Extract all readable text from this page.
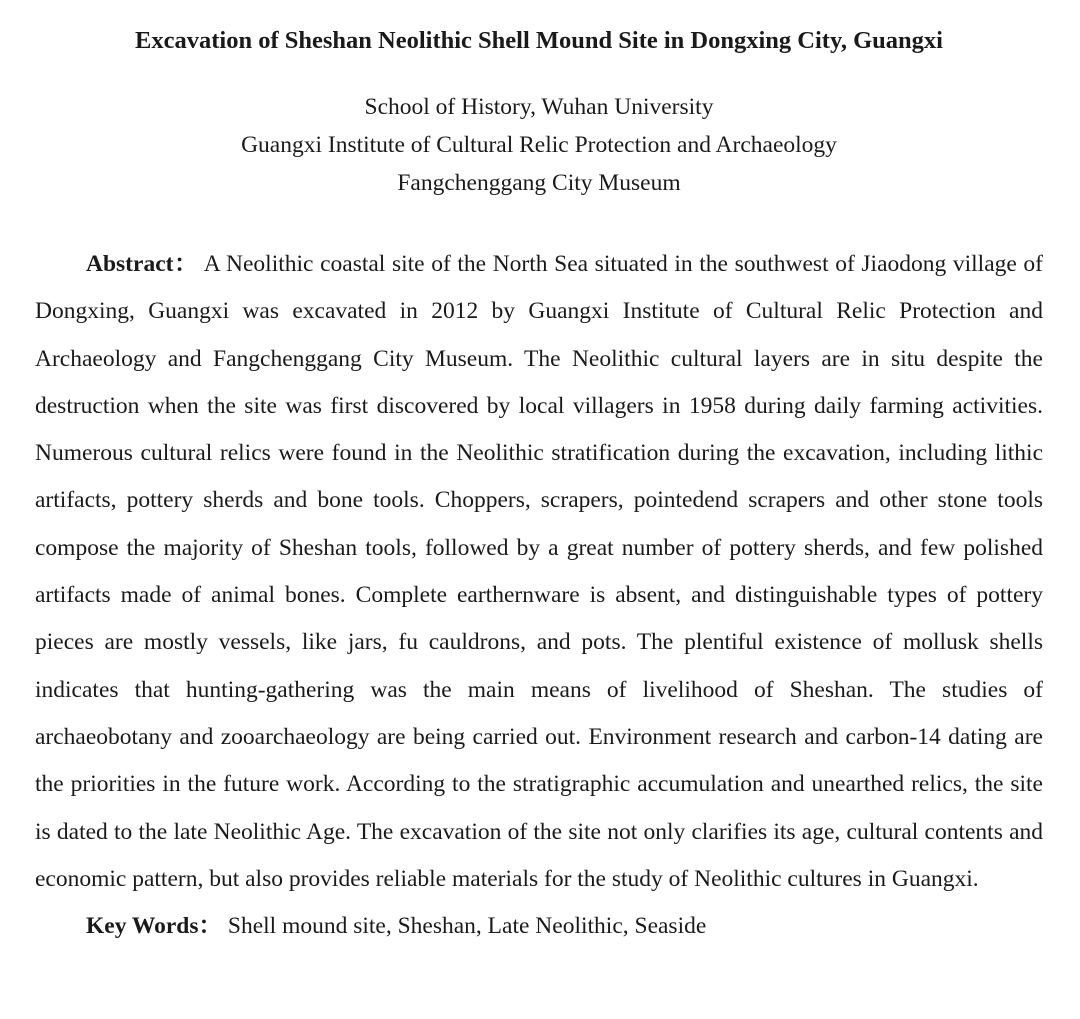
Excavation of Sheshan Neolithic Shell Mound Site in Dongxing City, Guangxi
School of History, Wuhan University
Guangxi Institute of Cultural Relic Protection and Archaeology
Fangchenggang City Museum

Abstract： A Neolithic coastal site of the North Sea situated in the southwest of Jiaodong village of Dongxing, Guangxi was excavated in 2012 by Guangxi Institute of Cultural Relic Protection and Archaeology and Fangchenggang City Museum. The Neolithic cultural layers are in situ despite the destruction when the site was first discovered by local villagers in 1958 during daily farming activities. Numerous cultural relics were found in the Neolithic stratification during the excavation, including lithic artifacts, pottery sherds and bone tools. Choppers, scrapers, pointedend scrapers and other stone tools compose the majority of Sheshan tools, followed by a great number of pottery sherds, and few polished artifacts made of animal bones. Complete earthernware is absent, and distinguishable types of pottery pieces are mostly vessels, like jars, fu cauldrons, and pots. The plentiful existence of mollusk shells indicates that hunting-gathering was the main means of livelihood of Sheshan. The studies of archaeobotany and zooarchaeology are being carried out. Environment research and carbon-14 dating are the priorities in the future work. According to the stratigraphic accumulation and unearthed relics, the site is dated to the late Neolithic Age. The excavation of the site not only clarifies its age, cultural contents and economic pattern, but also provides reliable materials for the study of Neolithic cultures in Guangxi.

Key Words： Shell mound site, Sheshan, Late Neolithic, Seaside
